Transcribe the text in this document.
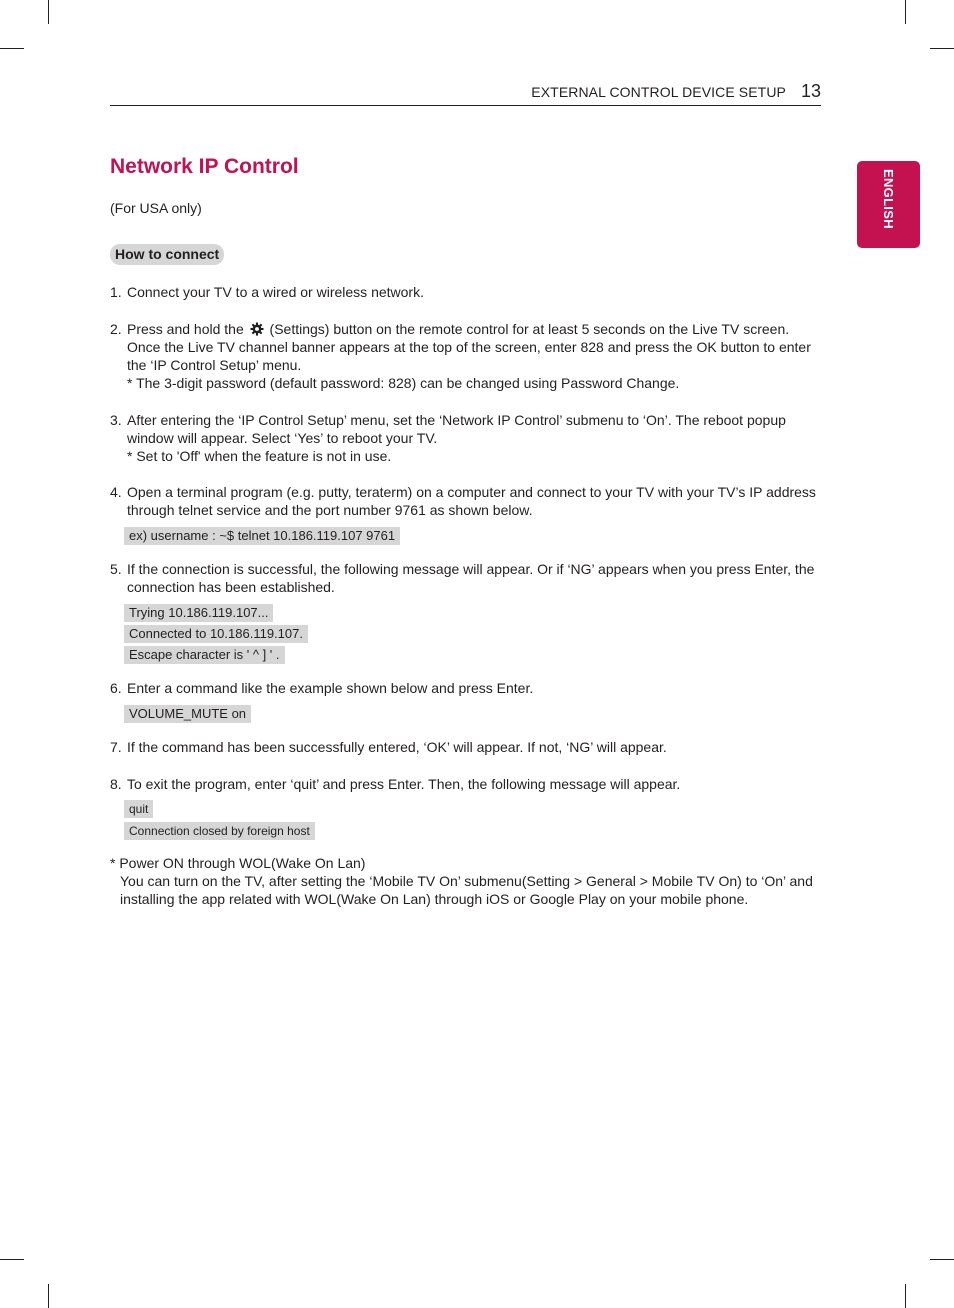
EXTERNAL CONTROL DEVICE SETUP 13
ENGLISH
Network IP Control
(For USA only)
How to connect
1. Connect your TV to a wired or wireless network.
2. Press and hold the (Settings) button on the remote control for at least 5 seconds on the Live TV screen. Once the Live TV channel banner appears at the top of the screen, enter 828 and press the OK button to enter the ‘IP Control Setup’ menu.
* The 3-digit password (default password: 828) can be changed using Password Change.
3. After entering the ‘IP Control Setup’ menu, set the ‘Network IP Control’ submenu to ‘On’. The reboot popup window will appear. Select ‘Yes’ to reboot your TV.
* Set to 'Off' when the feature is not in use.
4. Open a terminal program (e.g. putty, teraterm) on a computer and connect to your TV with your TV’s IP address through telnet service and the port number 9761 as shown below.
ex) username : ~$ telnet 10.186.119.107 9761
5. If the connection is successful, the following message will appear. Or if ‘NG’ appears when you press Enter, the connection has been established.
Trying 10.186.119.107...
Connected to 10.186.119.107.
Escape character is ' ^ ] ' .
6. Enter a command like the example shown below and press Enter.
VOLUME_MUTE on
7. If the command has been successfully entered, ‘OK’ will appear. If not, ‘NG’ will appear.
8. To exit the program, enter ‘quit’ and press Enter. Then, the following message will appear.
quit
Connection closed by foreign host
* Power ON through WOL(Wake On Lan)
You can turn on the TV, after setting the ‘Mobile TV On’ submenu(Setting > General > Mobile TV On) to ‘On’ and installing the app related with WOL(Wake On Lan) through iOS or Google Play on your mobile phone.
